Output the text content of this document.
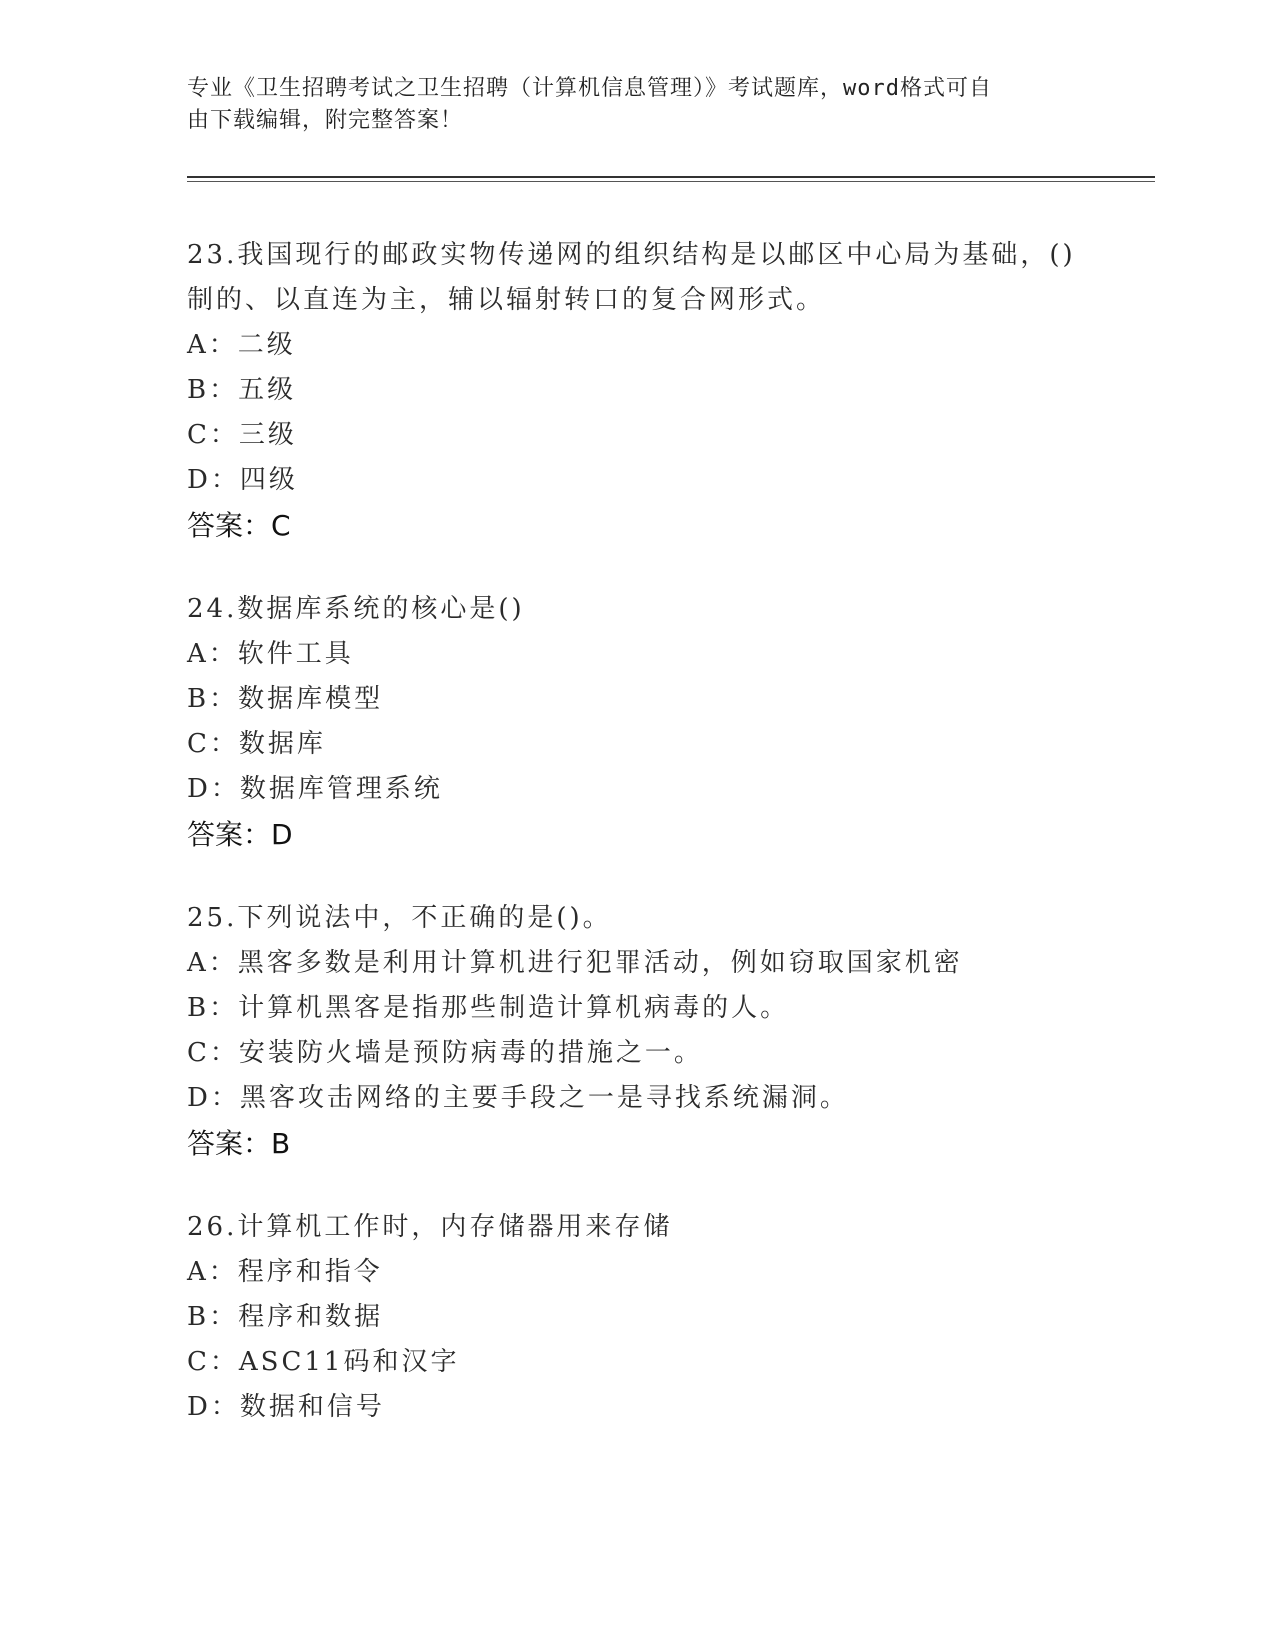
专业《卫生招聘考试之卫生招聘（计算机信息管理）》考试题库，word格式可自
由下载编辑，附完整答案！
23.我国现行的邮政实物传递网的组织结构是以邮区中心局为基础，()
制的、以直连为主，辅以辐射转口的复合网形式。
A：二级
B：五级
C：三级
D：四级
答案：C
24.数据库系统的核心是()
A：软件工具
B：数据库模型
C：数据库
D：数据库管理系统
答案：D
25.下列说法中，不正确的是()。
A：黑客多数是利用计算机进行犯罪活动，例如窃取国家机密
B：计算机黑客是指那些制造计算机病毒的人。
C：安装防火墙是预防病毒的措施之一。
D：黑客攻击网络的主要手段之一是寻找系统漏洞。
答案：B
26.计算机工作时，内存储器用来存储
A：程序和指令
B：程序和数据
C：ASC11码和汉字
D：数据和信号
